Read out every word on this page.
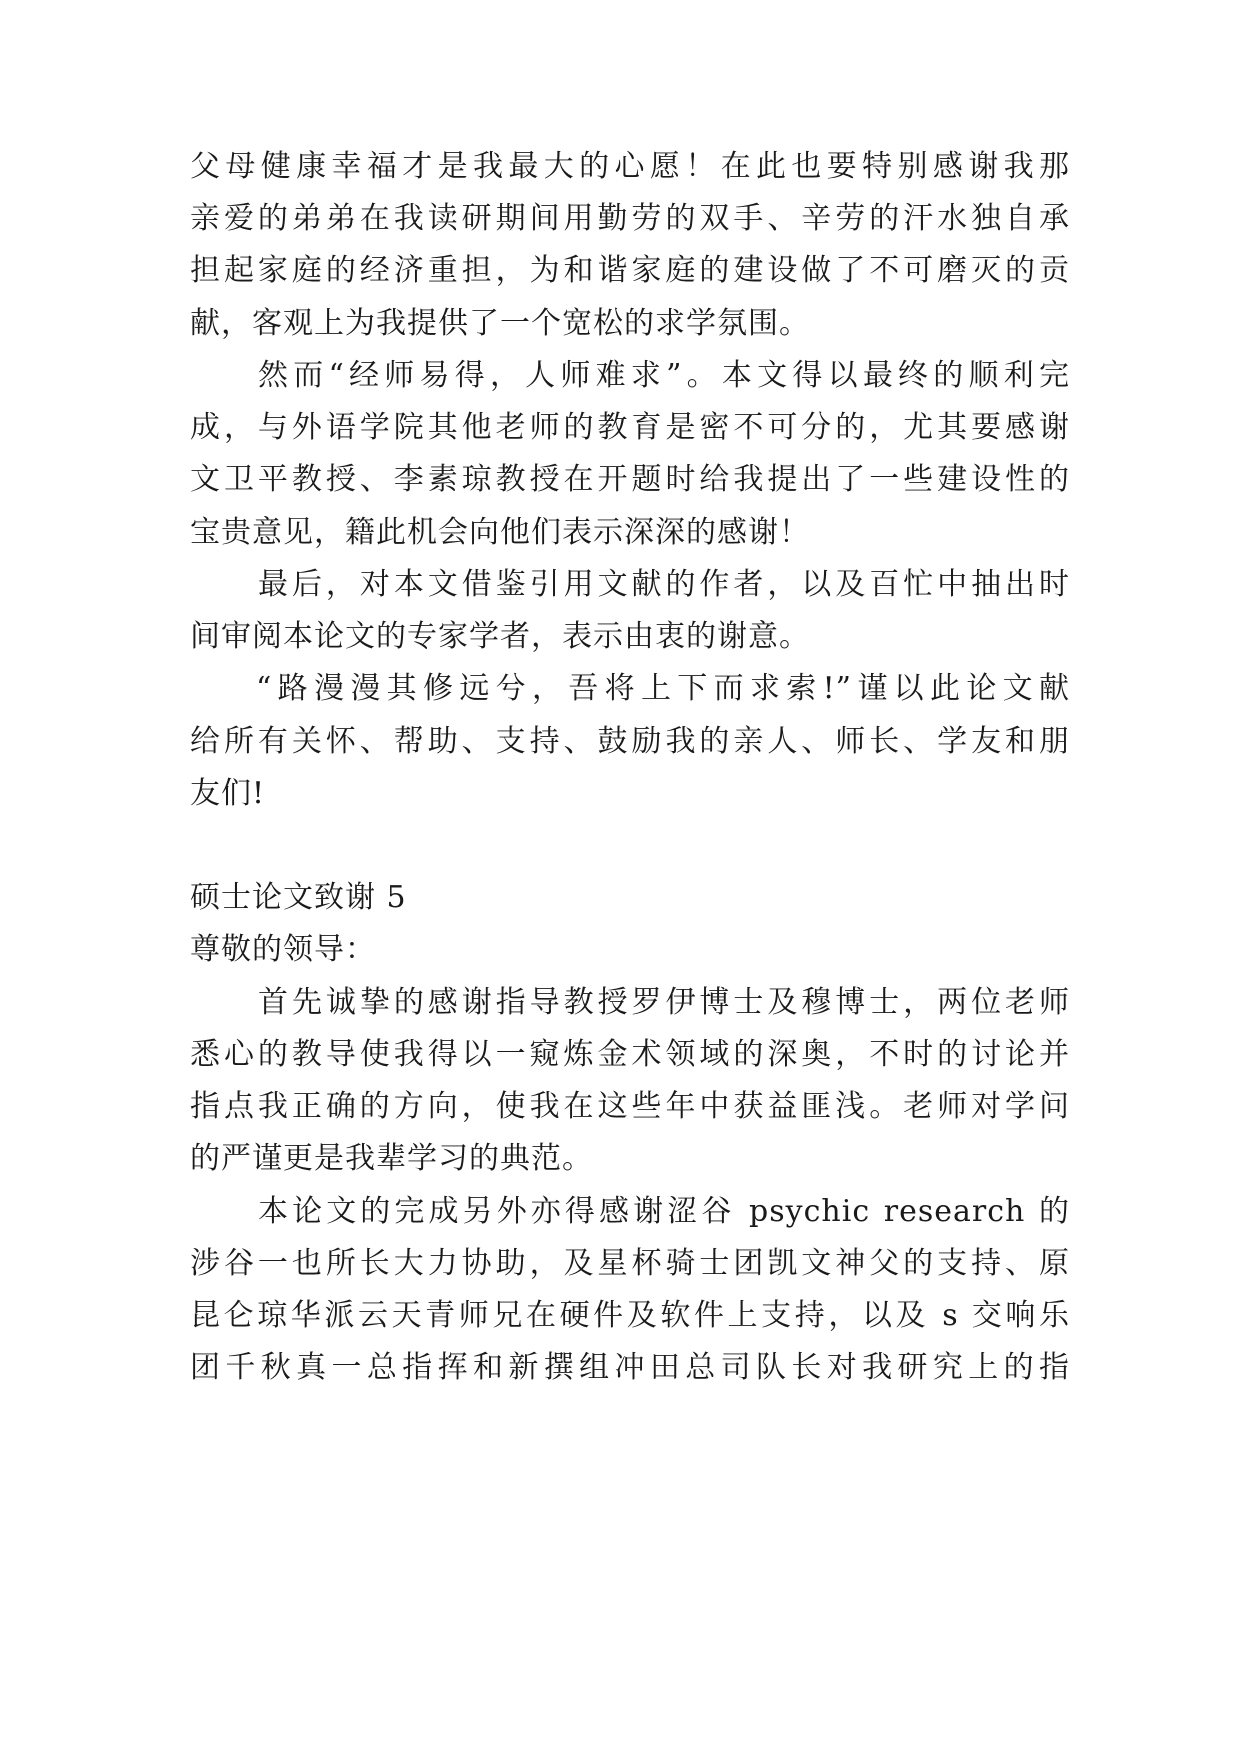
父母健康幸福才是我最大的心愿！在此也要特别感谢我那
亲爱的弟弟在我读研期间用勤劳的双手、辛劳的汗水独自承
担起家庭的经济重担，为和谐家庭的建设做了不可磨灭的贡
献，客观上为我提供了一个宽松的求学氛围。
然而“经师易得，人师难求”。本文得以最终的顺利完
成，与外语学院其他老师的教育是密不可分的，尤其要感谢
文卫平教授、李素琼教授在开题时给我提出了一些建设性的
宝贵意见，籍此机会向他们表示深深的感谢！
最后，对本文借鉴引用文献的作者，以及百忙中抽出时
间审阅本论文的专家学者，表示由衷的谢意。
“路漫漫其修远兮，吾将上下而求索!”谨以此论文献
给所有关怀、帮助、支持、鼓励我的亲人、师长、学友和朋
友们!
硕士论文致谢 5
尊敬的领导：
首先诚挚的感谢指导教授罗伊博士及穆博士，两位老师
悉心的教导使我得以一窥炼金术领域的深奥，不时的讨论并
指点我正确的方向，使我在这些年中获益匪浅。老师对学问
的严谨更是我辈学习的典范。
本论文的完成另外亦得感谢涩谷 psychic research 的
涉谷一也所长大力协助，及星杯骑士团凯文神父的支持、原
昆仑琼华派云天青师兄在硬件及软件上支持，以及 s 交响乐
团千秋真一总指挥和新撰组冲田总司队长对我研究上的指
